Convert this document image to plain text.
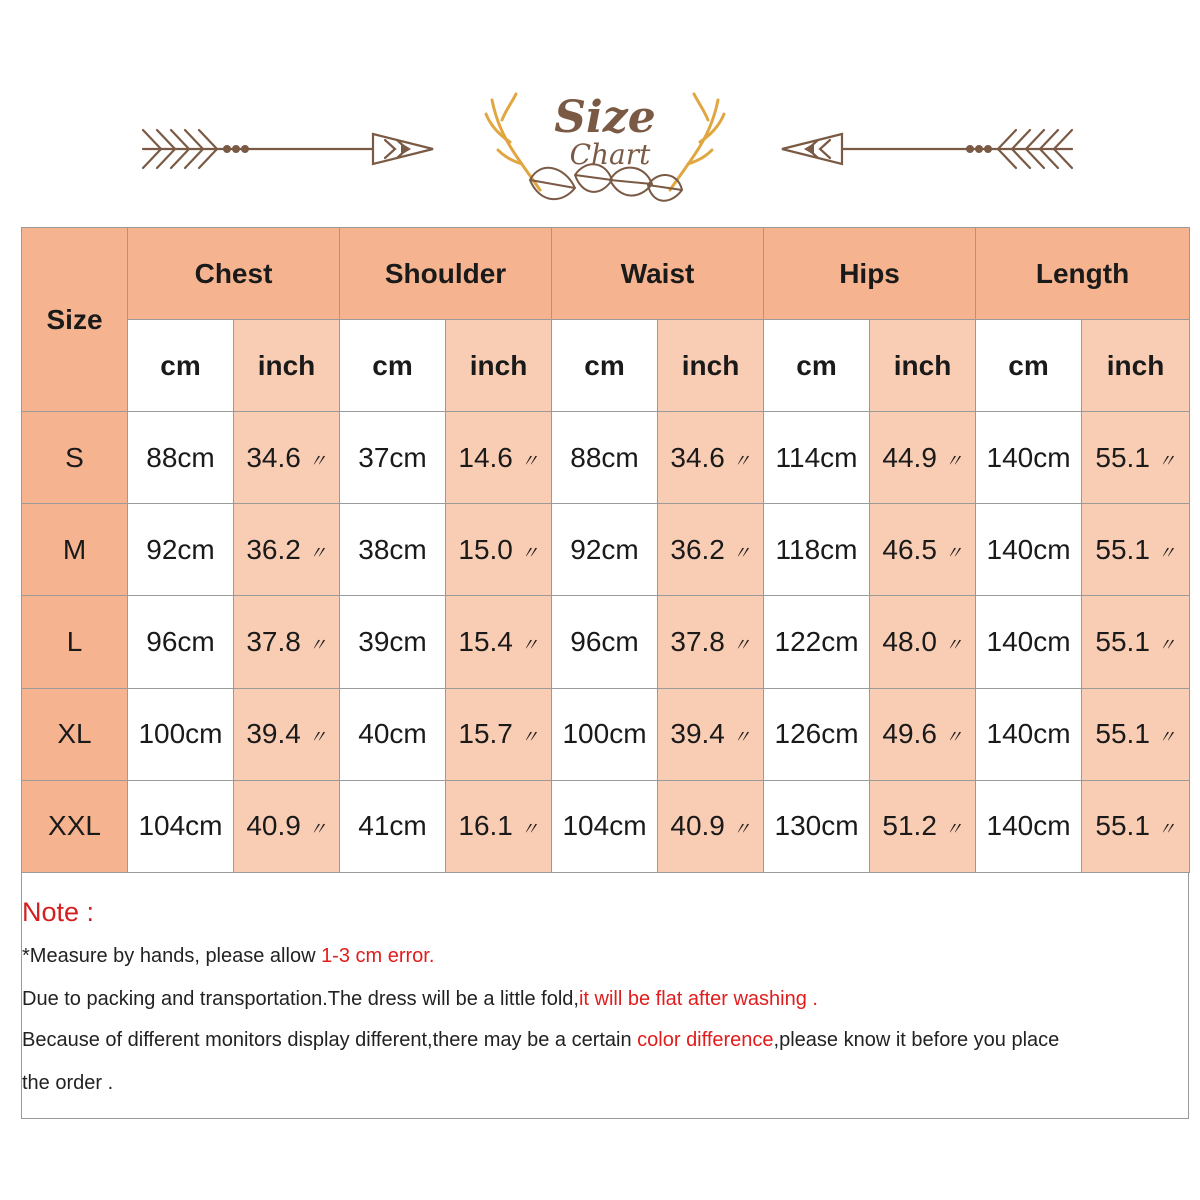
Size
Chart
Size	Chest		Shoulder		Waist		Hips		Length	
	cm	inch	cm	inch	cm	inch	cm	inch	cm	inch
S	88cm	34.6 〃	37cm	14.6 〃	88cm	34.6 〃	114cm	44.9 〃	140cm	55.1 〃
M	92cm	36.2 〃	38cm	15.0 〃	92cm	36.2 〃	118cm	46.5 〃	140cm	55.1 〃
L	96cm	37.8 〃	39cm	15.4 〃	96cm	37.8 〃	122cm	48.0 〃	140cm	55.1 〃
XL	100cm	39.4 〃	40cm	15.7 〃	100cm	39.4 〃	126cm	49.6 〃	140cm	55.1 〃
XXL	104cm	40.9 〃	41cm	16.1 〃	104cm	40.9 〃	130cm	51.2 〃	140cm	55.1 〃
Note :
*Measure by hands, please allow 1-3 cm error.
Due to packing and transportation.The dress will be a little fold,it will be flat after washing .
Because of different monitors display different,there may be a certain color difference,please know it before you place
the order .
